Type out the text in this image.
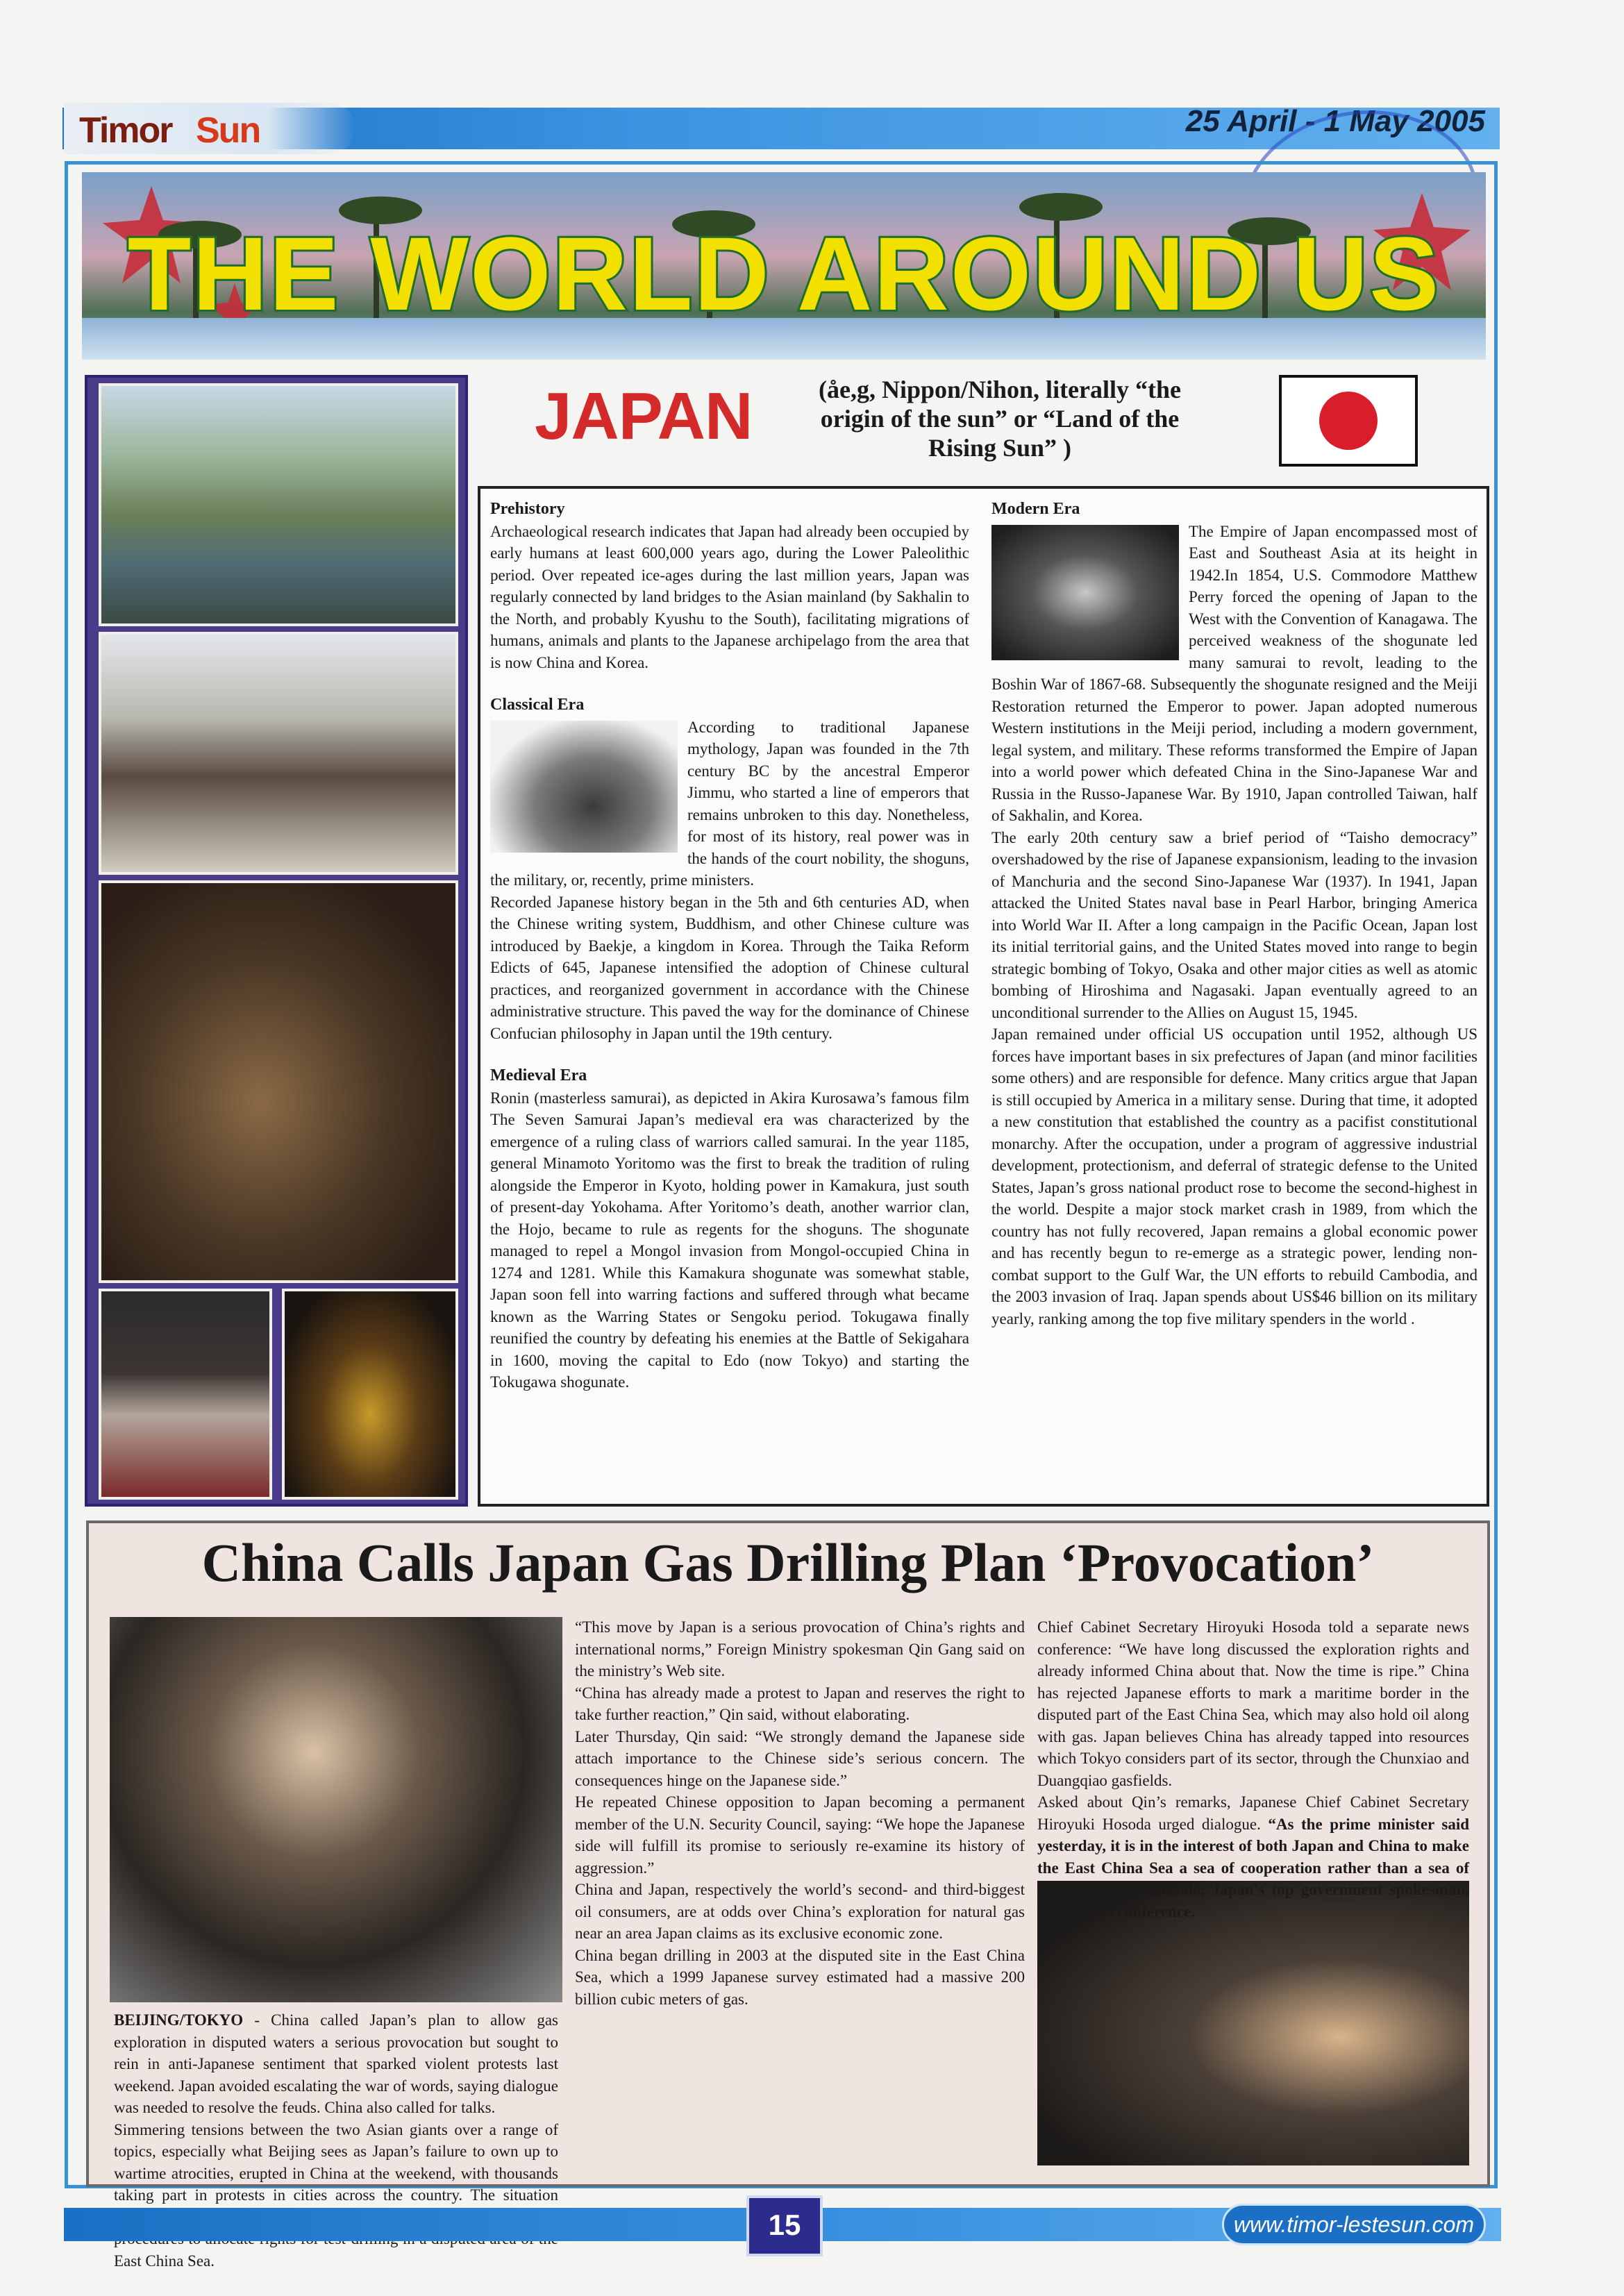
Timor Sun	25 April - 1 May 2005
THE WORLD AROUND US
JAPAN	(åe,g, Nippon/Nihon, literally “the origin of the sun” or “Land of the Rising Sun” )

Prehistory

Archaeological research indicates that Japan had already been occupied by early humans at least 600,000 years ago, during the Lower Paleolithic period. Over repeated ice-ages during the last million years, Japan was regularly connected by land bridges to the Asian mainland (by Sakhalin to the North, and probably Kyushu to the South), facilitating migrations of humans, animals and plants to the Japanese archipelago from the area that is now China and Korea.

Classical Era

According to traditional Japanese mythology, Japan was founded in the 7th century BC by the ancestral Emperor Jimmu, who started a line of emperors that remains unbroken to this day. Nonetheless, for most of its history, real power was in the hands of the court nobility, the shoguns, the military, or, recently, prime ministers.

Recorded Japanese history began in the 5th and 6th centuries AD, when the Chinese writing system, Buddhism, and other Chinese culture was introduced by Baekje, a kingdom in Korea. Through the Taika Reform Edicts of 645, Japanese intensified the adoption of Chinese cultural practices, and reorganized government in accordance with the Chinese administrative structure. This paved the way for the dominance of Chinese Confucian philosophy in Japan until the 19th century.

Medieval Era

Ronin (masterless samurai), as depicted in Akira Kurosawa’s famous film The Seven Samurai Japan’s medieval era was characterized by the emergence of a ruling class of warriors called samurai. In the year 1185, general Minamoto Yoritomo was the first to break the tradition of ruling alongside the Emperor in Kyoto, holding power in Kamakura, just south of present-day Yokohama. After Yoritomo’s death, another warrior clan, the Hojo, became to rule as regents for the shoguns. The shogunate managed to repel a Mongol invasion from Mongol-occupied China in 1274 and 1281. While this Kamakura shogunate was somewhat stable, Japan soon fell into warring factions and suffered through what became known as the Warring States or Sengoku period. Tokugawa finally reunified the country by defeating his enemies at the Battle of Sekigahara in 1600, moving the capital to Edo (now Tokyo) and starting the Tokugawa shogunate.

Modern Era

The Empire of Japan encompassed most of East and Southeast Asia at its height in 1942.In 1854, U.S. Commodore Matthew Perry forced the opening of Japan to the West with the Convention of Kanagawa. The perceived weakness of the shogunate led many samurai to revolt, leading to the Boshin War of 1867-68. Subsequently the shogunate resigned and the Meiji Restoration returned the Emperor to power. Japan adopted numerous Western institutions in the Meiji period, including a modern government, legal system, and military. These reforms transformed the Empire of Japan into a world power which defeated China in the Sino-Japanese War and Russia in the Russo-Japanese War. By 1910, Japan controlled Taiwan, half of Sakhalin, and Korea.

The early 20th century saw a brief period of “Taisho democracy” overshadowed by the rise of Japanese expansionism, leading to the invasion of Manchuria and the second Sino-Japanese War (1937). In 1941, Japan attacked the United States naval base in Pearl Harbor, bringing America into World War II. After a long campaign in the Pacific Ocean, Japan lost its initial territorial gains, and the United States moved into range to begin strategic bombing of Tokyo, Osaka and other major cities as well as atomic bombing of Hiroshima and Nagasaki. Japan eventually agreed to an unconditional surrender to the Allies on August 15, 1945.

Japan remained under official US occupation until 1952, although US forces have important bases in six prefectures of Japan (and minor facilities some others) and are responsible for defence. Many critics argue that Japan is still occupied by America in a military sense. During that time, it adopted a new constitution that established the country as a pacifist constitutional monarchy. After the occupation, under a program of aggressive industrial development, protectionism, and deferral of strategic defense to the United States, Japan’s gross national product rose to become the second-highest in the world. Despite a major stock market crash in 1989, from which the country has not fully recovered, Japan remains a global economic power and has recently begun to re-emerge as a strategic power, lending non-combat support to the Gulf War, the UN efforts to rebuild Cambodia, and the 2003 invasion of Iraq. Japan spends about US$46 billion on its military yearly, ranking among the top five military spenders in the world .

China Calls Japan Gas Drilling Plan ‘Provocation’

BEIJING/TOKYO - China called Japan’s plan to allow gas exploration in disputed waters a serious provocation but sought to rein in anti-Japanese sentiment that sparked violent protests last weekend. Japan avoided escalating the war of words, saying dialogue was needed to resolve the feuds. China also called for talks.

Simmering tensions between the two Asian giants over a range of topics, especially what Beijing sees as Japan’s failure to own up to wartime atrocities, erupted in China at the weekend, with thousands taking part in protests in cities across the country. The situation East China Sea.

“This move by Japan is a serious provocation of China’s rights and international norms,” Foreign Ministry spokesman Qin Gang said on the ministry’s Web site.

“China has already made a protest to Japan and reserves the right to take further reaction,” Qin said, without elaborating.

Later Thursday, Qin said: “We strongly demand the Japanese side attach importance to the Chinese side’s serious concern. The consequences hinge on the Japanese side.”

He repeated Chinese opposition to Japan becoming a permanent member of the U.N. Security Council, saying: “We hope the Japanese side will fulfill its promise to seriously re-examine its history of aggression.”

China and Japan, respectively the world’s second- and third-biggest oil consumers, are at odds over China’s exploration for natural gas near an area Japan claims as its exclusive economic zone.

China began drilling in 2003 at the disputed site in the East China Sea, which a 1999 Japanese survey estimated had a massive 200 billion cubic meters of gas.

Chief Cabinet Secretary Hiroyuki Hosoda told a separate news conference: “We have long discussed the exploration rights and already informed China about that. Now the time is ripe.” China has rejected Japanese efforts to mark a maritime border in the disputed part of the East China Sea, which may also hold oil along with gas. Japan believes China has already tapped into resources which Tokyo considers part of its sector, through the Chunxiao and Duangqiao gasfields.

Asked about Qin’s remarks, Japanese Chief Cabinet Secretary Hiroyuki Hosoda urged dialogue. “As the prime minister said yesterday, it is in the interest of both Japan and China to make the East China Sea a sea of cooperation rather than a sea of confrontation,” Hosoda, Japan’s top government spokesman, told a news conference.

15	www.timor-lestesun.com
